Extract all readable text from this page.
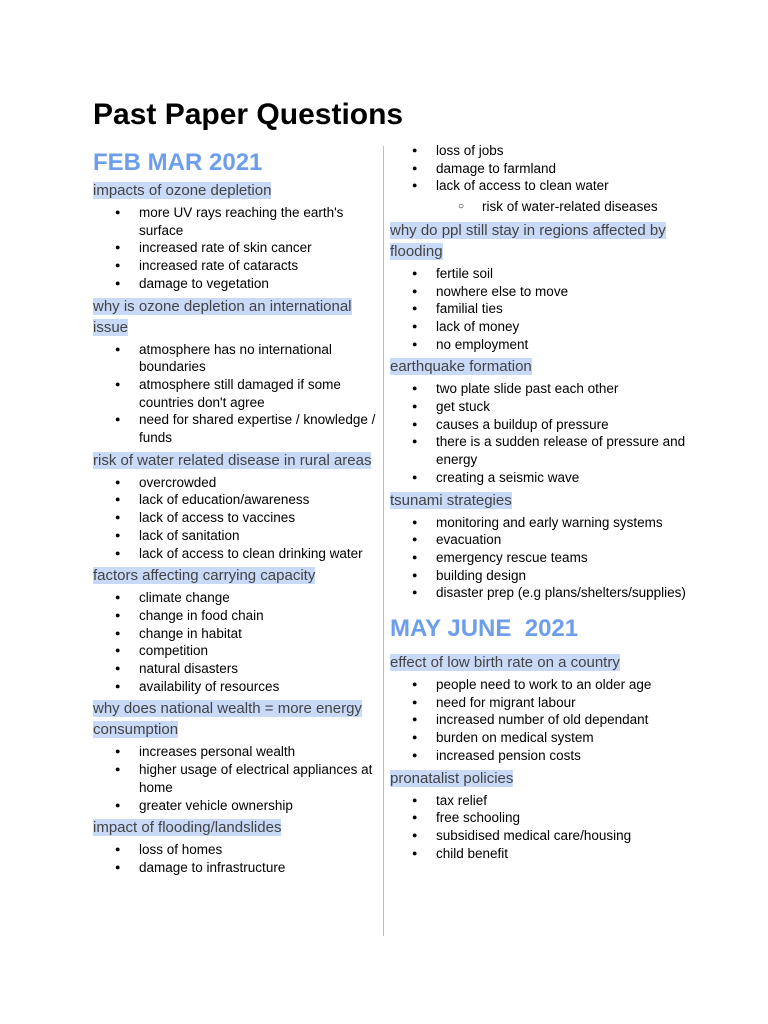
Past Paper Questions
FEB MAR 2021
impacts of ozone depletion
● more UV rays reaching the earth's surface
● increased rate of skin cancer
● increased rate of cataracts
● damage to vegetation
why is ozone depletion an international issue
● atmosphere has no international boundaries
● atmosphere still damaged if some countries don't agree
● need for shared expertise / knowledge / funds
risk of water related disease in rural areas
● overcrowded
● lack of education/awareness
● lack of access to vaccines
● lack of sanitation
● lack of access to clean drinking water
factors affecting carrying capacity
● climate change
● change in food chain
● change in habitat
● competition
● natural disasters
● availability of resources
why does national wealth = more energy consumption
● increases personal wealth
● higher usage of electrical appliances at home
● greater vehicle ownership
impact of flooding/landslides
● loss of homes
● damage to infrastructure
● loss of jobs
● damage to farmland
● lack of access to clean water
○ risk of water-related diseases
why do ppl still stay in regions affected by flooding
● fertile soil
● nowhere else to move
● familial ties
● lack of money
● no employment
earthquake formation
● two plate slide past each other
● get stuck
● causes a buildup of pressure
● there is a sudden release of pressure and energy
● creating a seismic wave
tsunami strategies
● monitoring and early warning systems
● evacuation
● emergency rescue teams
● building design
● disaster prep (e.g plans/shelters/supplies)
MAY JUNE  2021
effect of low birth rate on a country
● people need to work to an older age
● need for migrant labour
● increased number of old dependant
● burden on medical system
● increased pension costs
pronatalist policies
● tax relief
● free schooling
● subsidised medical care/housing
● child benefit
